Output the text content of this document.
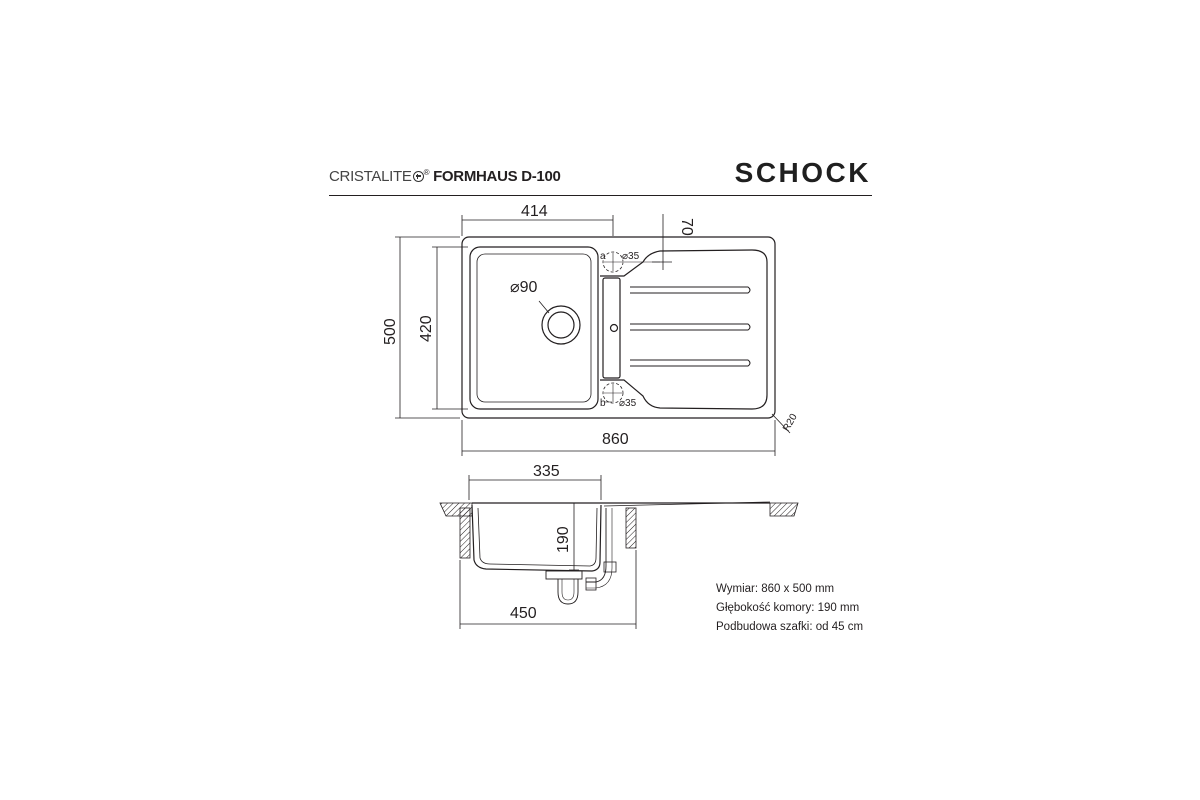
CRISTALITE ® FORMHAUS D-100	SCHOCK
414
70
500 420
860
⌀90
a ⌀35
b ⌀35
R20
335
190
450
Wymiar: 860 x 500 mm
Głębokość komory: 190 mm
Podbudowa szafki: od 45 cm
